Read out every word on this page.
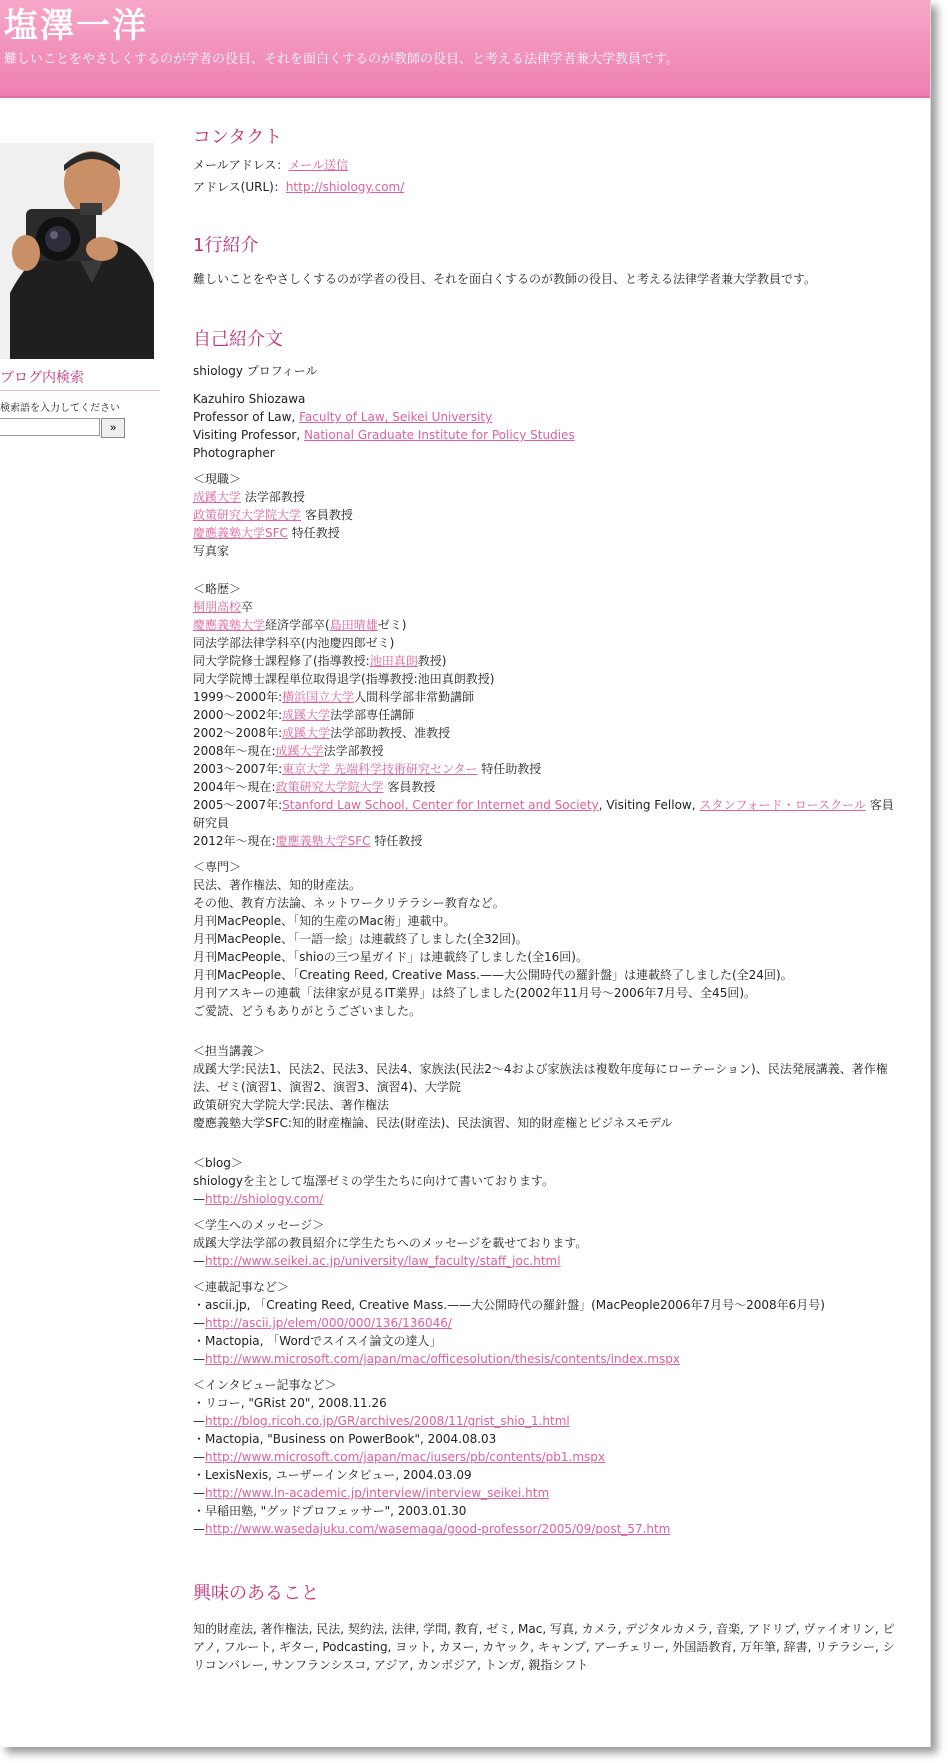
塩澤一洋

難しいことをやさしくするのが学者の役目、それを面白くするのが教師の役目、と考える法律学者兼大学教員です。

ブログ内検索
検索語を入力してください
»
コンタクト
メールアドレス：メール送信
アドレス(URL)：http://shiology.com/
1行紹介
難しいことをやさしくするのが学者の役目、それを面白くするのが教師の役目、と考える法律学者兼大学教員です。
自己紹介文
shiology プロフィール
Kazuhiro Shiozawa
Professor of Law, Faculty of Law, Seikei University
Visiting Professor, National Graduate Institute for Policy Studies
Photographer
＜現職＞
成蹊大学 法学部教授
政策研究大学院大学 客員教授
慶應義塾大学SFC 特任教授
写真家
＜略歴＞
桐朋高校卒
慶應義塾大学経済学部卒(島田晴雄ゼミ)
同法学部法律学科卒(内池慶四郎ゼミ)
同大学院修士課程修了(指導教授:池田真朗教授)
同大学院博士課程単位取得退学(指導教授:池田真朗教授)
1999〜2000年:横浜国立大学人間科学部非常勤講師
2000〜2002年:成蹊大学法学部専任講師
2002〜2008年:成蹊大学法学部助教授、准教授
2008年〜現在:成蹊大学法学部教授
2003〜2007年:東京大学 先端科学技術研究センター 特任助教授
2004年〜現在:政策研究大学院大学 客員教授
2005〜2007年:Stanford Law School, Center for Internet and Society, Visiting Fellow, スタンフォード・ロースクール 客員研究員
2012年〜現在:慶應義塾大学SFC 特任教授
＜専門＞
民法、著作権法、知的財産法。
その他、教育方法論、ネットワークリテラシー教育など。
月刊MacPeople、「知的生産のMac術」連載中。
月刊MacPeople、「一語一絵」は連載終了しました(全32回)。
月刊MacPeople、「shioの三つ星ガイド」は連載終了しました(全16回)。
月刊MacPeople、「Creating Reed, Creative Mass.——大公開時代の羅針盤」は連載終了しました(全24回)。
月刊アスキーの連載「法律家が見るIT業界」は終了しました(2002年11月号〜2006年7月号、全45回)。
ご愛読、どうもありがとうございました。
＜担当講義＞
成蹊大学:民法1、民法2、民法3、民法4、家族法(民法2〜4および家族法は複数年度毎にローテーション)、民法発展講義、著作権法、ゼミ(演習1、演習2、演習3、演習4)、大学院
政策研究大学院大学:民法、著作権法
慶應義塾大学SFC:知的財産権論、民法(財産法)、民法演習、知的財産権とビジネスモデル
＜blog＞
shiologyを主として塩澤ゼミの学生たちに向けて書いております。
—http://shiology.com/
＜学生へのメッセージ＞
成蹊大学法学部の教員紹介に学生たちへのメッセージを載せております。
—http://www.seikei.ac.jp/university/law_faculty/staff_joc.html
＜連載記事など＞
・ascii.jp, 「Creating Reed, Creative Mass.——大公開時代の羅針盤」(MacPeople2006年7月号〜2008年6月号)
—http://ascii.jp/elem/000/000/136/136046/
・Mactopia, 「Wordでスイスイ論文の達人」
—http://www.microsoft.com/japan/mac/officesolution/thesis/contents/index.mspx
＜インタビュー記事など＞
・リコー, "GRist 20", 2008.11.26
—http://blog.ricoh.co.jp/GR/archives/2008/11/grist_shio_1.html
・Mactopia, "Business on PowerBook", 2004.08.03
—http://www.microsoft.com/japan/mac/iusers/pb/contents/pb1.mspx
・LexisNexis, ユーザーインタビュー, 2004.03.09
—http://www.ln-academic.jp/interview/interview_seikei.htm
・早稲田塾, "グッドプロフェッサー", 2003.01.30
—http://www.wasedajuku.com/wasemaga/good-professor/2005/09/post_57.htm
興味のあること
知的財産法, 著作権法, 民法, 契約法, 法律, 学問, 教育, ゼミ, Mac, 写真, カメラ, デジタルカメラ, 音楽, アドリブ, ヴァイオリン, ピアノ, フルート, ギター, Podcasting, ヨット, カヌー, カヤック, キャンプ, アーチェリー, 外国語教育, 万年筆, 辞書, リテラシー, シリコンバレー, サンフランシスコ, アジア, カンボジア, トンガ, 親指シフト
